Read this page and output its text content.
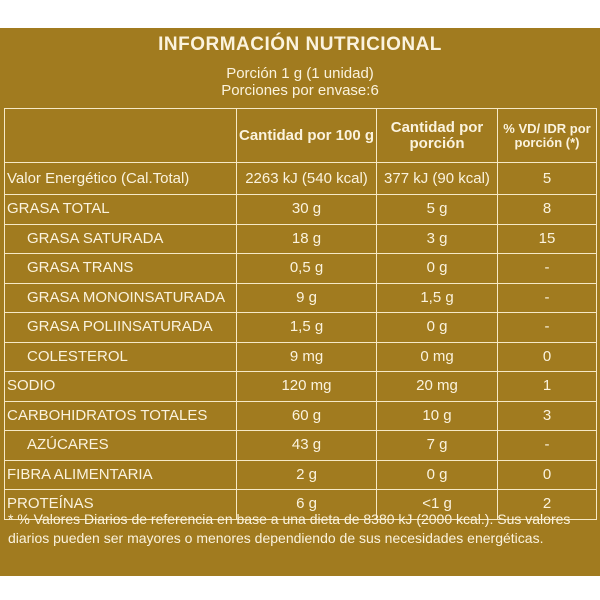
INFORMACIÓN NUTRICIONAL
Porción 1 g (1 unidad)
Porciones por envase:6
	Cantidad por 100 g	Cantidad por porción	% VD/ IDR por porción (*)
Valor Energético (Cal.Total)	2263 kJ (540 kcal)	377 kJ (90 kcal)	5
GRASA TOTAL	30 g	5 g	8
GRASA SATURADA	18 g	3 g	15
GRASA TRANS	0,5 g	0 g	-
GRASA MONOINSATURADA	9 g	1,5 g	-
GRASA POLIINSATURADA	1,5 g	0 g	-
COLESTEROL	9 mg	0 mg	0
SODIO	120 mg	20 mg	1
CARBOHIDRATOS TOTALES	60 g	10 g	3
AZÚCARES	43 g	7 g	-
FIBRA ALIMENTARIA	2 g	0 g	0
PROTEÍNAS	6 g	<1 g	2
* % Valores Diarios de referencia en base a una dieta de 8380 kJ (2000 kcal.). Sus valores diarios pueden ser mayores o menores dependiendo de sus necesidades energéticas.
